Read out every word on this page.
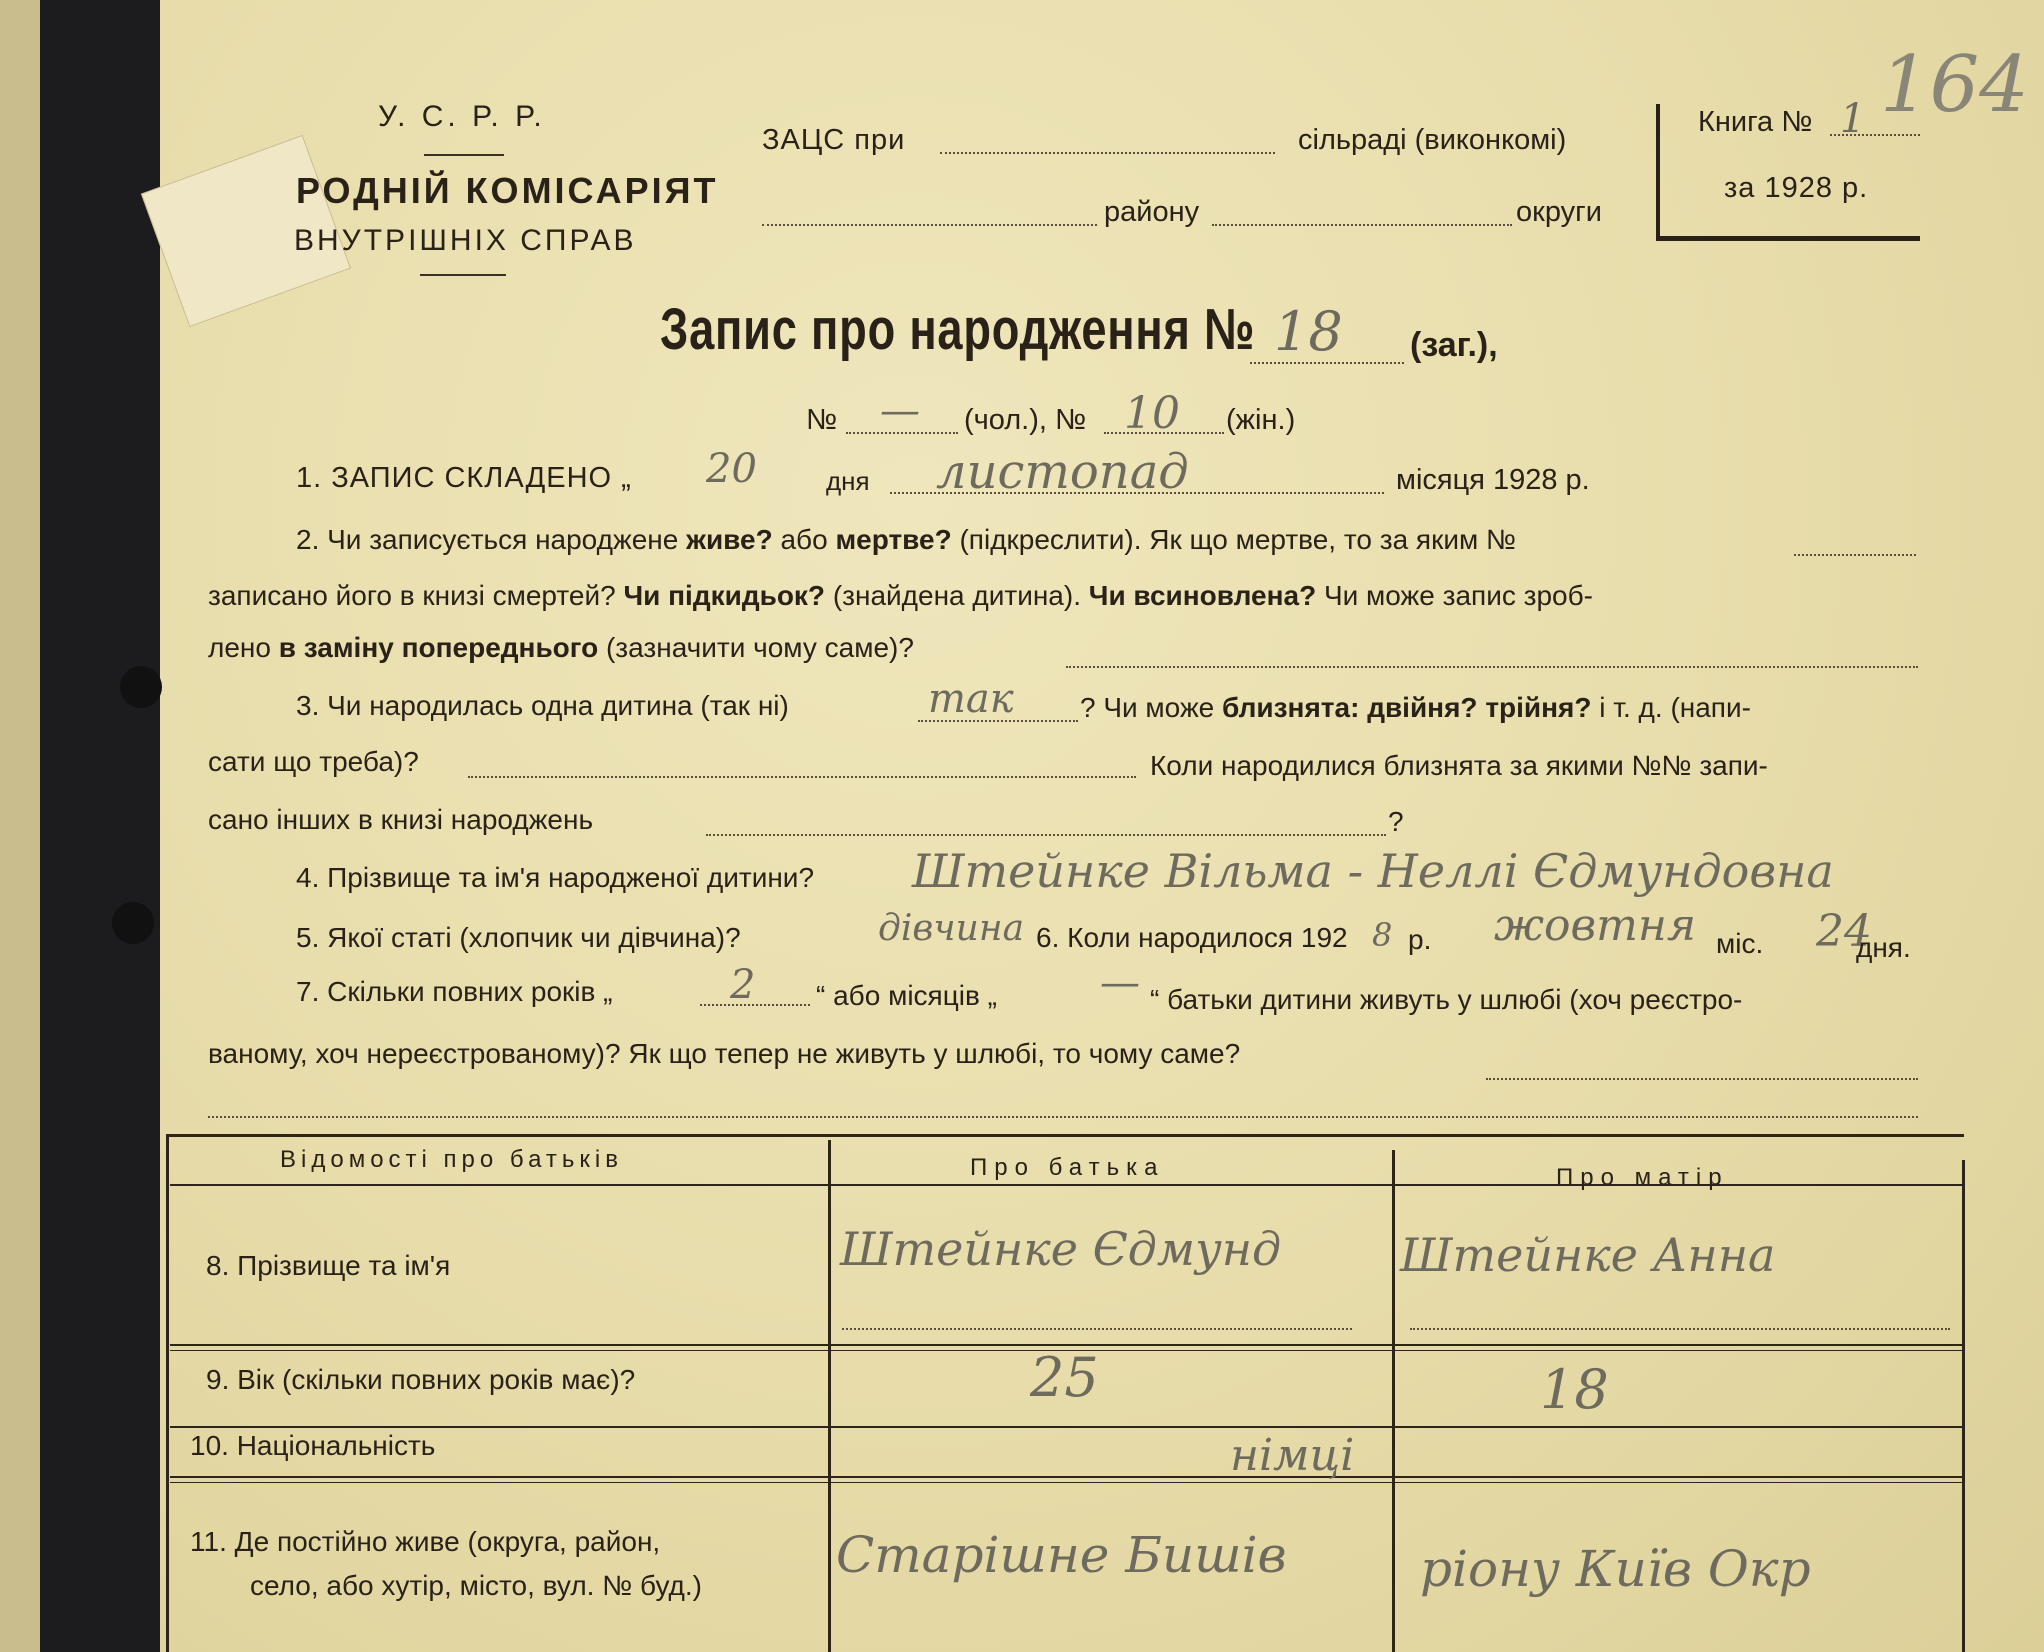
У. С. Р. Р.
РОДНІЙ КОМІСАРІЯТ
ВНУТРІШНІХ СПРАВ
ЗАЦС при	сільраді (виконкомі)
району	округи
Книга № 1
за 1928 р.
164
Запис про народження № 18 (заг.),
№ — (чол.), № 10 (жін.)
1. ЗАПИС СКЛАДЕНО „ 20	дня листопад	місяця 1928 р.
2. Чи записується народжене живе? або мертве? (підкреслити). Як що мертве, то за яким №
записано його в книзі смертей? Чи підкидьок? (знайдена дитина). Чи всиновлена? Чи може запис зроб-
лено в заміну попереднього (зазначити чому саме)?
3. Чи народилась одна дитина (так ні)	так ? Чи може близнята: двійня? трійня? і т. д. (напи-
сати що треба)?	Коли народилися близнята за якими №№ запи-
сано інших в книзі народжень	?
4. Прізвище та ім'я народженої дитини? Штейнке Вільма - Неллі Єдмундовна
5. Якої статі (хлопчик чи дівчина)?	дівчина 6. Коли народилося 192 8 р. жовтня міс. 24
дня.
7. Скільки повних років „	2 “ або місяців „	— “ батьки дитини живуть у шлюбі (хоч реєстро-
ваному, хоч нереєстрованому)? Як що тепер не живуть у шлюбі, то чому саме?
Відомості про батьків	Про батька	Про матір
8. Прізвище та ім'я	Штейнке Єдмунд	Штейнке Анна
9. Вік (скільки повних років має)?	25	18
10. Національність	німці
11. Де постійно живе (округа, район,
село, або хутір, місто, вул. № буд.)
Старішне Бишів	ріону Київ Окр
